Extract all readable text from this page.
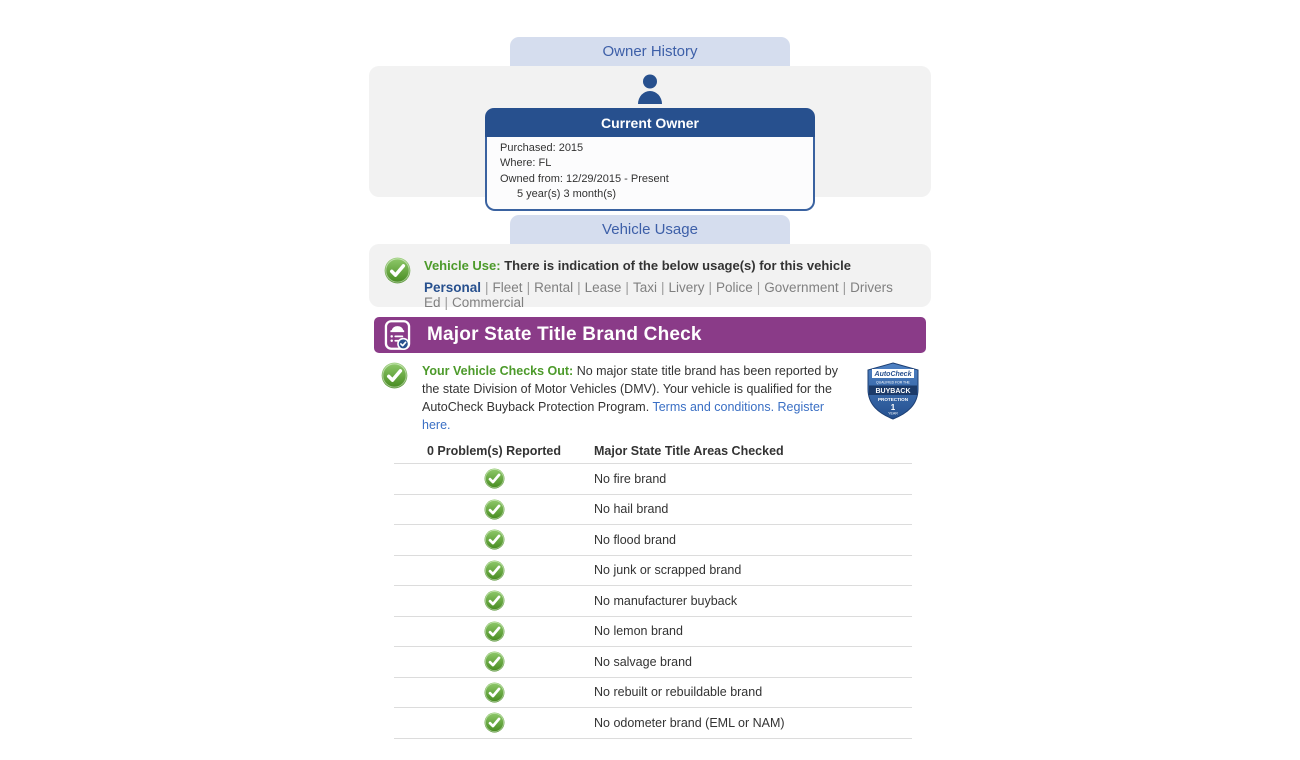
Owner History
Current Owner
Purchased: 2015
Where: FL
Owned from: 12/29/2015 - Present
5 year(s) 3 month(s)
Vehicle Usage
Vehicle Use: There is indication of the below usage(s) for this vehicle
Personal | Fleet | Rental | Lease | Taxi | Livery | Police | Government | Drivers Ed | Commercial
Major State Title Brand Check
Your Vehicle Checks Out: No major state title brand has been reported by the state Division of Motor Vehicles (DMV). Your vehicle is qualified for the AutoCheck Buyback Protection Program. Terms and conditions. Register here.
AutoCheck
QUALIFIED FOR THE
BUYBACK
PROTECTION
1
YEAR
0 Problem(s) Reported	Major State Title Areas Checked
No fire brand
No hail brand
No flood brand
No junk or scrapped brand
No manufacturer buyback
No lemon brand
No salvage brand
No rebuilt or rebuildable brand
No odometer brand (EML or NAM)
